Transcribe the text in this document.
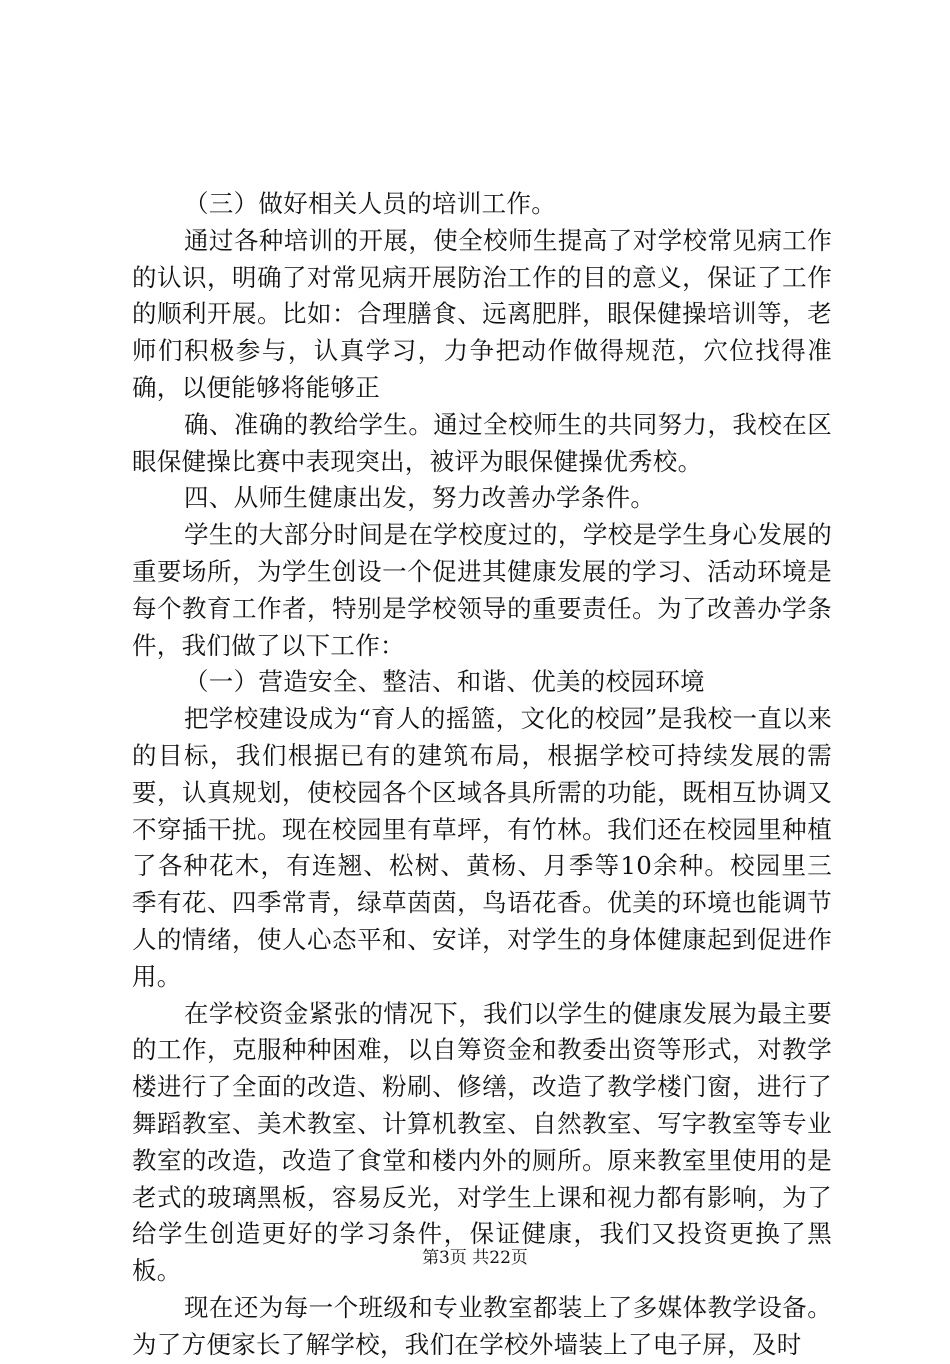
（三）做好相关人员的培训工作。

通过各种培训的开展，使全校师生提高了对学校常见病工作的认识，明确了对常见病开展防治工作的目的意义，保证了工作的顺利开展。比如：合理膳食、远离肥胖，眼保健操培训等，老师们积极参与，认真学习，力争把动作做得规范，穴位找得准确，以便能够将能够正

确、准确的教给学生。通过全校师生的共同努力，我校在区眼保健操比赛中表现突出，被评为眼保健操优秀校。

四、从师生健康出发，努力改善办学条件。

学生的大部分时间是在学校度过的，学校是学生身心发展的重要场所，为学生创设一个促进其健康发展的学习、活动环境是每个教育工作者，特别是学校领导的重要责任。为了改善办学条件，我们做了以下工作：

（一）营造安全、整洁、和谐、优美的校园环境

把学校建设成为“育人的摇篮，文化的校园”是我校一直以来的目标，我们根据已有的建筑布局，根据学校可持续发展的需要，认真规划，使校园各个区域各具所需的功能，既相互协调又不穿插干扰。现在校园里有草坪，有竹林。我们还在校园里种植了各种花木，有连翘、松树、黄杨、月季等10余种。校园里三季有花、四季常青，绿草茵茵，鸟语花香。优美的环境也能调节人的情绪，使人心态平和、安详，对学生的身体健康起到促进作用。

在学校资金紧张的情况下，我们以学生的健康发展为最主要的工作，克服种种困难，以自筹资金和教委出资等形式，对教学楼进行了全面的改造、粉刷、修缮，改造了教学楼门窗，进行了舞蹈教室、美术教室、计算机教室、自然教室、写字教室等专业教室的改造，改造了食堂和楼内外的厕所。原来教室里使用的是老式的玻璃黑板，容易反光，对学生上课和视力都有影响，为了给学生创造更好的学习条件，保证健康，我们又投资更换了黑板。

现在还为每一个班级和专业教室都装上了多媒体教学设备。为了方便家长了解学校，我们在学校外墙装上了电子屏，及时

第3页 共22页
